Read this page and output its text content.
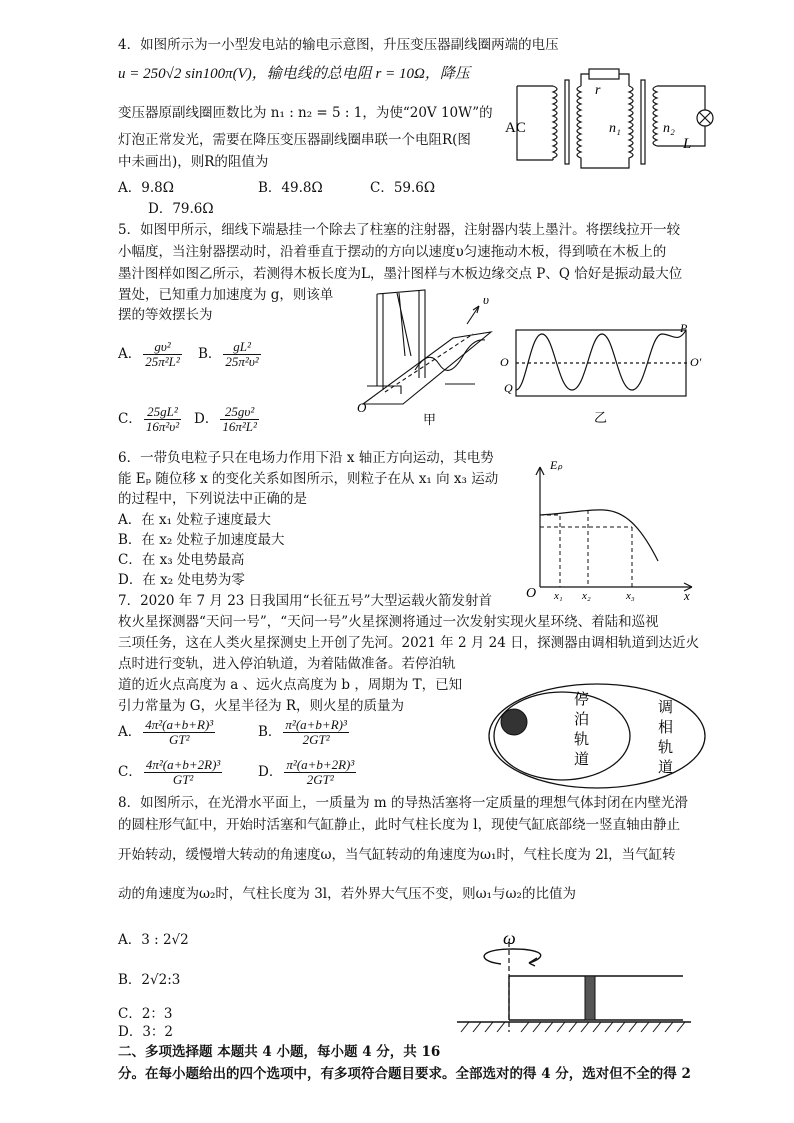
4．如图所示为一小型发电站的输电示意图，升压变压器副线圈两端的电压
u = 250√2 sin100π(V)，输电线的总电阻 r = 10Ω，降压
变压器原副线圈匝数比为 n₁ : n₂ = 5 : 1，为使“20V 10W”的
灯泡正常发光，需要在降压变压器副线圈串联一个电阻R(图
中未画出)，则R的阻值为
A．9.8Ω	B．49.8Ω	C．59.6Ω
D．79.6Ω
AC
r
n₁	n₂
L
5．如图甲所示，细线下端悬挂一个除去了柱塞的注射器，注射器内装上墨汁。将摆线拉开一较
小幅度，当注射器摆动时，沿着垂直于摆动的方向以速度υ匀速拖动木板，得到喷在木板上的
墨汁图样如图乙所示，若测得木板长度为L，墨汁图样与木板边缘交点 P、Q 恰好是振动最大位
置处，已知重力加速度为 g，则该单
摆的等效摆长为
A． $\frac{\text{gυ²}}{\text{25π²L²}}$ B． $\frac{\text{gL²}}{\text{25π²υ²}}$
C． $\frac{\text{25gL²}}{\text{16π²υ²}}$ D． $\frac{\text{25gυ²}}{\text{16π²L²}}$
υ
O
甲
P
O	O′
Q
乙
6．一带负电粒子只在电场力作用下沿 x 轴正方向运动，其电势
能 Eₚ 随位移 x 的变化关系如图所示，则粒子在从 x₁ 向 x₃ 运动
的过程中，下列说法中正确的是
A．在 x₁ 处粒子速度最大
B．在 x₂ 处粒子加速度最大
C．在 x₃ 处电势最高
D．在 x₂ 处电势为零
Eₚ
O x₁ x₂	x₃	x
7．2020 年 7 月 23 日我国用“长征五号”大型运载火箭发射首
枚火星探测器“天问一号”，“天问一号”火星探测将通过一次发射实现火星环绕、着陆和巡视
三项任务，这在人类火星探测史上开创了先河。2021 年 2 月 24 日，探测器由调相轨道到达近火
点时进行变轨，进入停泊轨道，为着陆做准备。若停泊轨
道的近火点高度为 a 、远火点高度为 b ，周期为 T，已知
引力常量为 G，火星半径为 R，则火星的质量为
A． $\frac{\text{4π²(a+b+R)³}}{\text{GT²}}$	B． $\frac{\text{π²(a+b+R)³}}{\text{2GT²}}$
C． $\frac{\text{4π²(a+b+2R)³}}{\text{GT²}}$	D． $\frac{\text{π²(a+b+2R)³}}{\text{2GT²}}$
停
泊
轨
道
调
相
轨
道
8．如图所示，在光滑水平面上，一质量为 m 的导热活塞将一定质量的理想气体封闭在内壁光滑
的圆柱形气缸中，开始时活塞和气缸静止，此时气柱长度为 l，现使气缸底部绕一竖直轴由静止
开始转动，缓慢增大转动的角速度ω，当气缸转动的角速度为ω₁时，气柱长度为 2l，当气缸转
动的角速度为ω₂时，气柱长度为 3l，若外界大气压不变，则ω₁与ω₂的比值为
A．3 : 2√2
B．2√2:3
C．2：3
D．3：2
ω
二、多项选择题 本题共 4 小题，每小题 4 分，共 16
分。在每小题给出的四个选项中，有多项符合题目要求。全部选对的得 4 分，选对但不全的得 2
